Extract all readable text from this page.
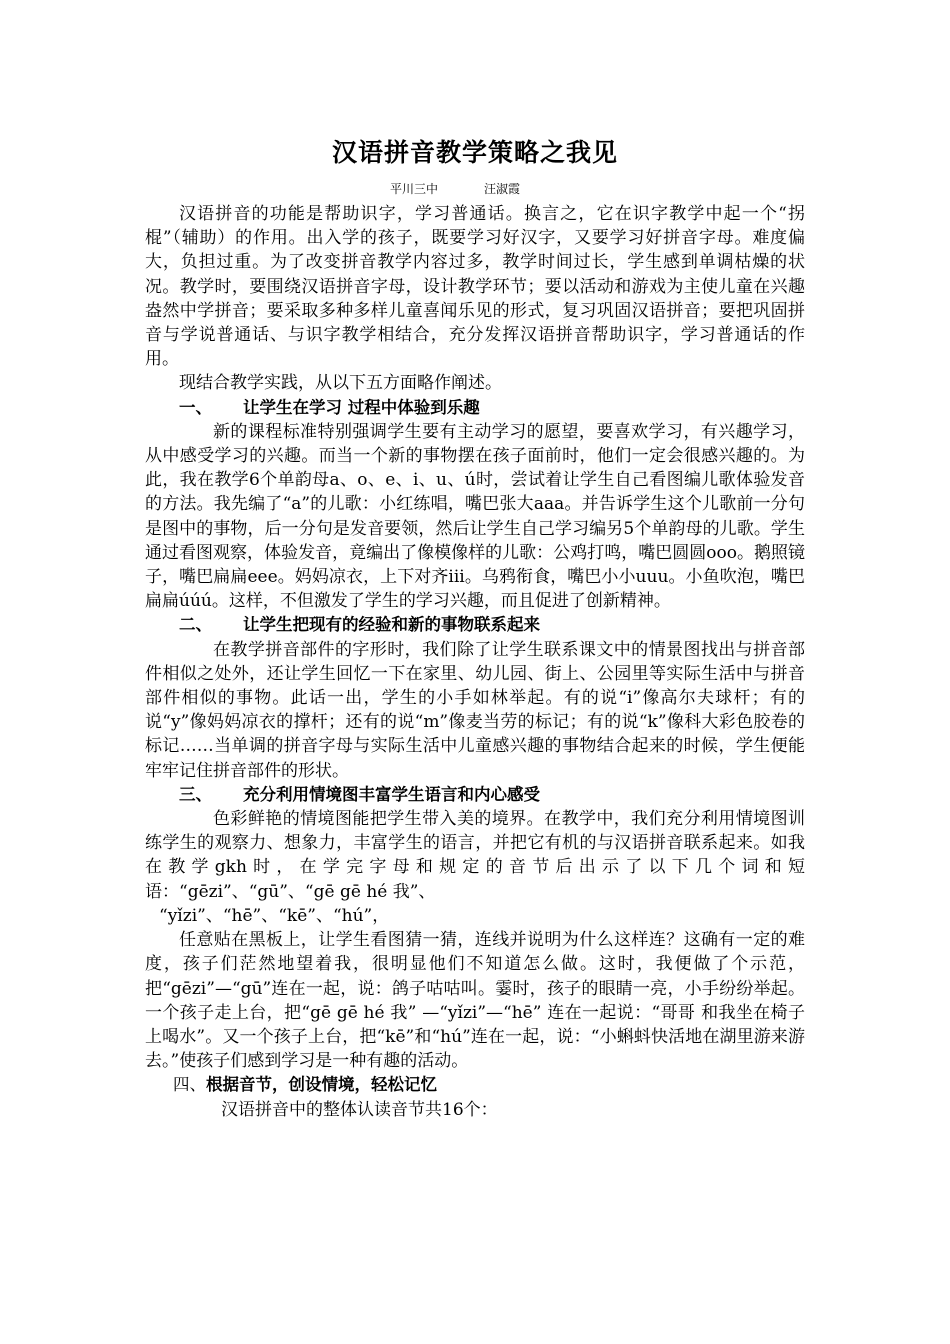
汉语拼音教学策略之我见
平川三中	汪淑霞

汉语拼音的功能是帮助识字，学习普通话。换言之，它在识字教学中起一个“拐棍”（辅助）的作用。出入学的孩子，既要学习好汉字，又要学习好拼音字母。难度偏大，负担过重。为了改变拼音教学内容过多，教学时间过长，学生感到单调枯燥的状况。教学时，要围绕汉语拼音字母，设计教学环节；要以活动和游戏为主使儿童在兴趣盎然中学拼音；要采取多种多样儿童喜闻乐见的形式，复习巩固汉语拼音；要把巩固拼音与学说普通话、与识字教学相结合，充分发挥汉语拼音帮助识字，学习普通话的作用。

现结合教学实践，从以下五方面略作阐述。

一、 让学生在学习 过程中体验到乐趣

新的课程标准特别强调学生要有主动学习的愿望，要喜欢学习，有兴趣学习，从中感受学习的兴趣。而当一个新的事物摆在孩子面前时，他们一定会很感兴趣的。为此，我在教学6个单韵母a、o、e、i、u、ú时，尝试着让学生自己看图编儿歌体验发音的方法。我先编了“a”的儿歌：小红练唱，嘴巴张大aaa。并告诉学生这个儿歌前一分句是图中的事物，后一分句是发音要领，然后让学生自己学习编另5个单韵母的儿歌。学生通过看图观察，体验发音，竟编出了像模像样的儿歌：公鸡打鸣，嘴巴圆圆ooo。鹅照镜子，嘴巴扁扁eee。妈妈凉衣，上下对齐iii。乌鸦衔食，嘴巴小小uuu。小鱼吹泡，嘴巴扁扁úúú。这样，不但激发了学生的学习兴趣，而且促进了创新精神。

二、 让学生把现有的经验和新的事物联系起来

在教学拼音部件的字形时，我们除了让学生联系课文中的情景图找出与拼音部件相似之处外，还让学生回忆一下在家里、幼儿园、街上、公园里等实际生活中与拼音部件相似的事物。此话一出，学生的小手如林举起。有的说“i”像高尔夫球杆；有的说“y”像妈妈凉衣的撑杆；还有的说“m”像麦当劳的标记；有的说“k”像科大彩色胶卷的标记……当单调的拼音字母与实际生活中儿童感兴趣的事物结合起来的时候，学生便能牢牢记住拼音部件的形状。

三、 充分利用情境图丰富学生语言和内心感受

色彩鲜艳的情境图能把学生带入美的境界。在教学中，我们充分利用情境图训练学生的观察力、想象力，丰富学生的语言，并把它有机的与汉语拼音联系起来。如我在教学gkh时，在学完字母和规定的音节后出示了以下几个词和短语：“gēzi”、“gū”、“gē gē hé 我”、

“yǐzi”、“hē”、“kē”、“hú”，

任意贴在黑板上，让学生看图猜一猜，连线并说明为什么这样连？这确有一定的难度，孩子们茫然地望着我，很明显他们不知道怎么做。这时，我便做了个示范，把“gēzi”—“gū”连在一起，说：鸽子咕咕叫。霎时，孩子的眼睛一亮，小手纷纷举起。一个孩子走上台，把“gē gē hé 我” —“yǐzi”—“hē” 连在一起说：“哥哥 和我坐在椅子上喝水”。又一个孩子上台，把“kē”和“hú”连在一起，说：“小蝌蚪快活地在湖里游来游去。”使孩子们感到学习是一种有趣的活动。

四、根据音节，创设情境，轻松记忆

汉语拼音中的整体认读音节共16个：
